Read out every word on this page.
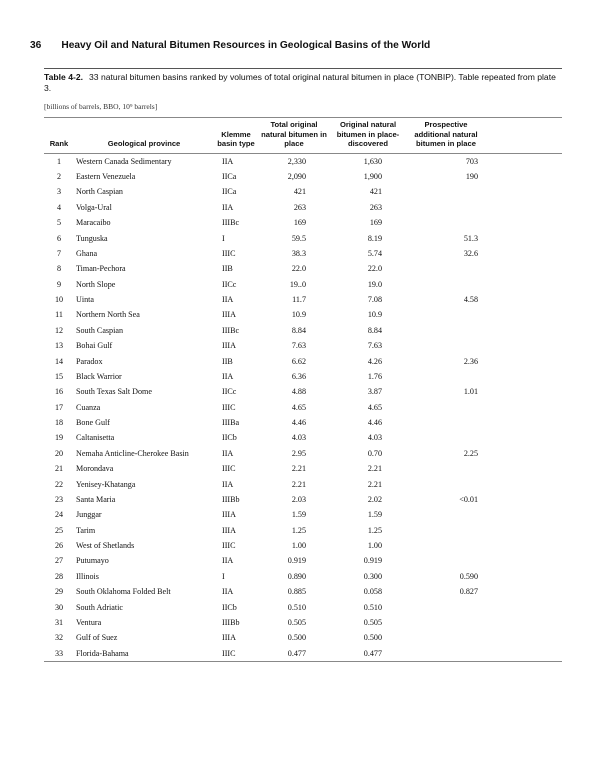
36 Heavy Oil and Natural Bitumen Resources in Geological Basins of the World
Table 4-2. 33 natural bitumen basins ranked by volumes of total original natural bitumen in place (TONBIP). Table repeated from plate 3.
[billions of barrels, BBO, 10⁹ barrels]
Rank	Geological province	Klemme basin type	Total original natural bitumen in place	Original natural bitumen in place-discovered	Prospective additional natural bitumen in place	
1	Western Canada Sedimentary	IIA	2,330	1,630	703	
2	Eastern Venezuela	IICa	2,090	1,900	190	
3	North Caspian	IICa	421	421		
4	Volga-Ural	IIA	263	263		
5	Maracaibo	IIIBc	169	169		
6	Tunguska	I	59.5	8.19	51.3	
7	Ghana	IIIC	38.3	5.74	32.6	
8	Timan-Pechora	IIB	22.0	22.0		
9	North Slope	IICc	19..0	19.0		
10	Uinta	IIA	11.7	7.08	4.58	
11	Northern North Sea	IIIA	10.9	10.9		
12	South Caspian	IIIBc	8.84	8.84		
13	Bohai Gulf	IIIA	7.63	7.63		
14	Paradox	IIB	6.62	4.26	2.36	
15	Black Warrior	IIA	6.36	1.76		
16	South Texas Salt Dome	IICc	4.88	3.87	1.01	
17	Cuanza	IIIC	4.65	4.65		
18	Bone Gulf	IIIBa	4.46	4.46		
19	Caltanisetta	IICb	4.03	4.03		
20	Nemaha Anticline-Cherokee Basin	IIA	2.95	0.70	2.25	
21	Morondava	IIIC	2.21	2.21		
22	Yenisey-Khatanga	IIA	2.21	2.21		
23	Santa Maria	IIIBb	2.03	2.02	<0.01	
24	Junggar	IIIA	1.59	1.59		
25	Tarim	IIIA	1.25	1.25		
26	West of Shetlands	IIIC	1.00	1.00		
27	Putumayo	IIA	0.919	0.919		
28	Illinois	I	0.890	0.300	0.590	
29	South Oklahoma Folded Belt	IIA	0.885	0.058	0.827	
30	South Adriatic	IICb	0.510	0.510		
31	Ventura	IIIBb	0.505	0.505		
32	Gulf of Suez	IIIA	0.500	0.500		
33	Florida-Bahama	IIIC	0.477	0.477		
